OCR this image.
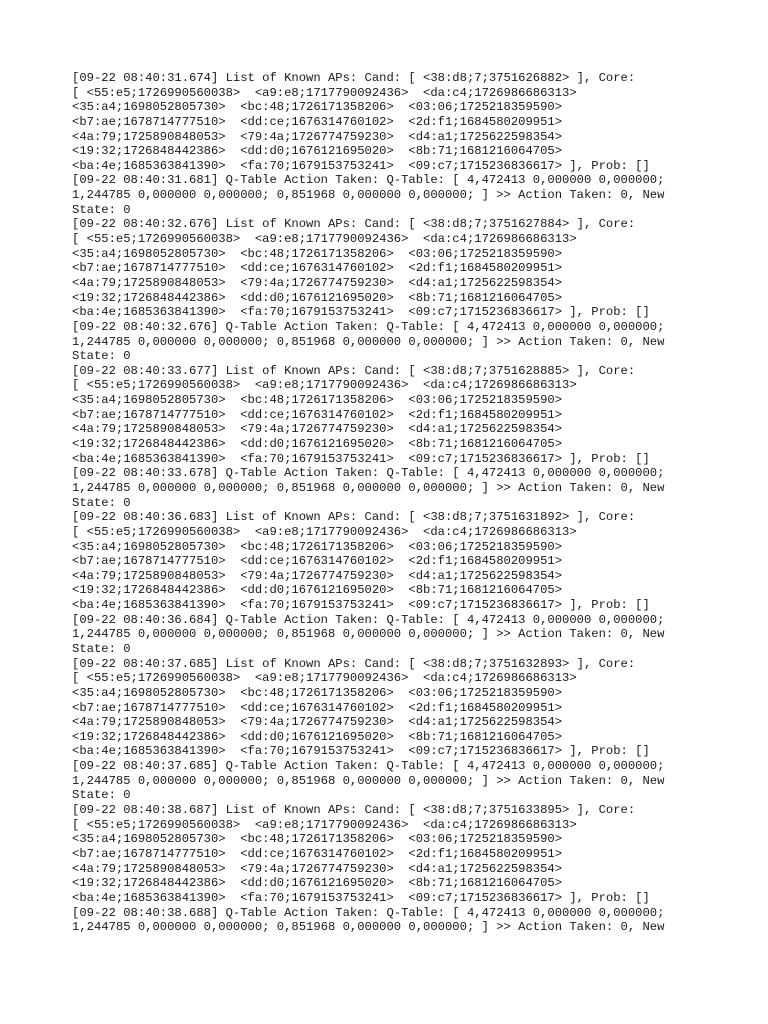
[09-22 08:40:31.674] List of Known APs: Cand: [ <38:d8;7;3751626882> ], Core:
[ <55:e5;1726990560038>  <a9:e8;1717790092436>  <da:c4;1726986686313>
<35:a4;1698052805730>  <bc:48;1726171358206>  <03:06;1725218359590>
<b7:ae;1678714777510>  <dd:ce;1676314760102>  <2d:f1;1684580209951>
<4a:79;1725890848053>  <79:4a;1726774759230>  <d4:a1;1725622598354>
<19:32;1726848442386>  <dd:d0;1676121695020>  <8b:71;1681216064705>
<ba:4e;1685363841390>  <fa:70;1679153753241>  <09:c7;1715236836617> ], Prob: []
[09-22 08:40:31.681] Q-Table Action Taken: Q-Table: [ 4,472413 0,000000 0,000000;
1,244785 0,000000 0,000000; 0,851968 0,000000 0,000000; ] >> Action Taken: 0, New
State: 0
[09-22 08:40:32.676] List of Known APs: Cand: [ <38:d8;7;3751627884> ], Core:
[ <55:e5;1726990560038>  <a9:e8;1717790092436>  <da:c4;1726986686313>
<35:a4;1698052805730>  <bc:48;1726171358206>  <03:06;1725218359590>
<b7:ae;1678714777510>  <dd:ce;1676314760102>  <2d:f1;1684580209951>
<4a:79;1725890848053>  <79:4a;1726774759230>  <d4:a1;1725622598354>
<19:32;1726848442386>  <dd:d0;1676121695020>  <8b:71;1681216064705>
<ba:4e;1685363841390>  <fa:70;1679153753241>  <09:c7;1715236836617> ], Prob: []
[09-22 08:40:32.676] Q-Table Action Taken: Q-Table: [ 4,472413 0,000000 0,000000;
1,244785 0,000000 0,000000; 0,851968 0,000000 0,000000; ] >> Action Taken: 0, New
State: 0
[09-22 08:40:33.677] List of Known APs: Cand: [ <38:d8;7;3751628885> ], Core:
[ <55:e5;1726990560038>  <a9:e8;1717790092436>  <da:c4;1726986686313>
<35:a4;1698052805730>  <bc:48;1726171358206>  <03:06;1725218359590>
<b7:ae;1678714777510>  <dd:ce;1676314760102>  <2d:f1;1684580209951>
<4a:79;1725890848053>  <79:4a;1726774759230>  <d4:a1;1725622598354>
<19:32;1726848442386>  <dd:d0;1676121695020>  <8b:71;1681216064705>
<ba:4e;1685363841390>  <fa:70;1679153753241>  <09:c7;1715236836617> ], Prob: []
[09-22 08:40:33.678] Q-Table Action Taken: Q-Table: [ 4,472413 0,000000 0,000000;
1,244785 0,000000 0,000000; 0,851968 0,000000 0,000000; ] >> Action Taken: 0, New
State: 0
[09-22 08:40:36.683] List of Known APs: Cand: [ <38:d8;7;3751631892> ], Core:
[ <55:e5;1726990560038>  <a9:e8;1717790092436>  <da:c4;1726986686313>
<35:a4;1698052805730>  <bc:48;1726171358206>  <03:06;1725218359590>
<b7:ae;1678714777510>  <dd:ce;1676314760102>  <2d:f1;1684580209951>
<4a:79;1725890848053>  <79:4a;1726774759230>  <d4:a1;1725622598354>
<19:32;1726848442386>  <dd:d0;1676121695020>  <8b:71;1681216064705>
<ba:4e;1685363841390>  <fa:70;1679153753241>  <09:c7;1715236836617> ], Prob: []
[09-22 08:40:36.684] Q-Table Action Taken: Q-Table: [ 4,472413 0,000000 0,000000;
1,244785 0,000000 0,000000; 0,851968 0,000000 0,000000; ] >> Action Taken: 0, New
State: 0
[09-22 08:40:37.685] List of Known APs: Cand: [ <38:d8;7;3751632893> ], Core:
[ <55:e5;1726990560038>  <a9:e8;1717790092436>  <da:c4;1726986686313>
<35:a4;1698052805730>  <bc:48;1726171358206>  <03:06;1725218359590>
<b7:ae;1678714777510>  <dd:ce;1676314760102>  <2d:f1;1684580209951>
<4a:79;1725890848053>  <79:4a;1726774759230>  <d4:a1;1725622598354>
<19:32;1726848442386>  <dd:d0;1676121695020>  <8b:71;1681216064705>
<ba:4e;1685363841390>  <fa:70;1679153753241>  <09:c7;1715236836617> ], Prob: []
[09-22 08:40:37.685] Q-Table Action Taken: Q-Table: [ 4,472413 0,000000 0,000000;
1,244785 0,000000 0,000000; 0,851968 0,000000 0,000000; ] >> Action Taken: 0, New
State: 0
[09-22 08:40:38.687] List of Known APs: Cand: [ <38:d8;7;3751633895> ], Core:
[ <55:e5;1726990560038>  <a9:e8;1717790092436>  <da:c4;1726986686313>
<35:a4;1698052805730>  <bc:48;1726171358206>  <03:06;1725218359590>
<b7:ae;1678714777510>  <dd:ce;1676314760102>  <2d:f1;1684580209951>
<4a:79;1725890848053>  <79:4a;1726774759230>  <d4:a1;1725622598354>
<19:32;1726848442386>  <dd:d0;1676121695020>  <8b:71;1681216064705>
<ba:4e;1685363841390>  <fa:70;1679153753241>  <09:c7;1715236836617> ], Prob: []
[09-22 08:40:38.688] Q-Table Action Taken: Q-Table: [ 4,472413 0,000000 0,000000;
1,244785 0,000000 0,000000; 0,851968 0,000000 0,000000; ] >> Action Taken: 0, New
